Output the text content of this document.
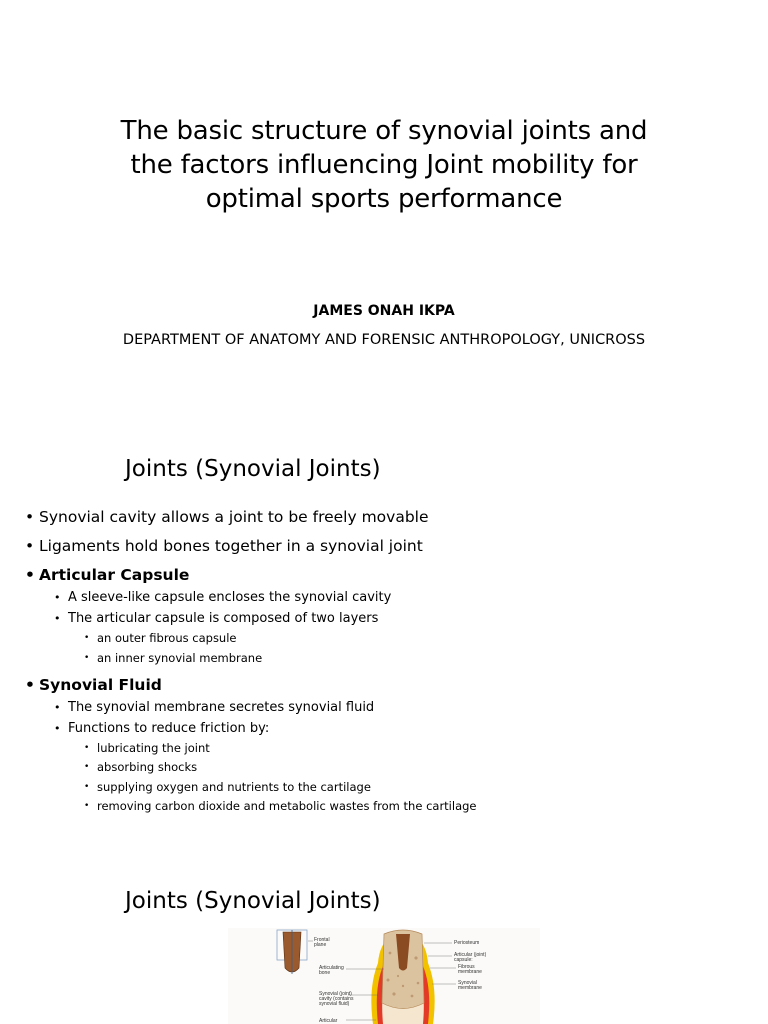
The basic structure of synovial joints and
the factors influencing Joint mobility for
optimal sports performance
JAMES ONAH IKPA
DEPARTMENT OF ANATOMY AND FORENSIC ANTHROPOLOGY, UNICROSS
Joints (Synovial Joints)
• Synovial cavity allows a joint to be freely movable
• Ligaments hold bones together in a synovial joint
• Articular Capsule
• A sleeve-like capsule encloses the synovial cavity
• The articular capsule is composed of two layers
• an outer fibrous capsule
• an inner synovial membrane
• Synovial Fluid
• The synovial membrane secretes synovial fluid
• Functions to reduce friction by:
• lubricating the joint
• absorbing shocks
• supplying oxygen and nutrients to the cartilage
• removing carbon dioxide and metabolic wastes from the cartilage
Joints (Synovial Joints)
Frontal plane
Articulating bone
Synovial (joint) cavity (contains synovial fluid)
Articular
Periosteum
Articular (joint) capsule:
Fibrous membrane
Synovial membrane
